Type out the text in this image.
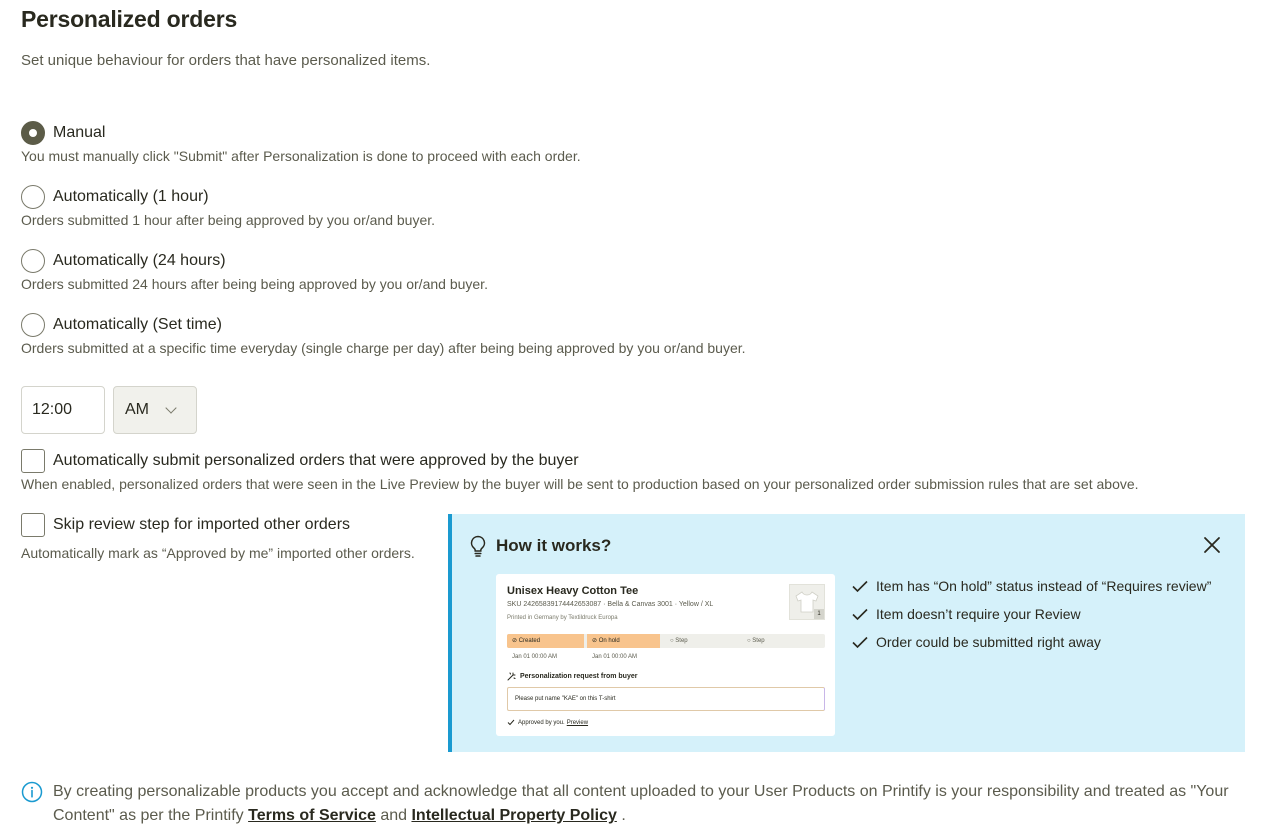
Personalized orders
Set unique behaviour for orders that have personalized items.
Manual
You must manually click "Submit" after Personalization is done to proceed with each order.
Automatically (1 hour)
Orders submitted 1 hour after being approved by you or/and buyer.
Automatically (24 hours)
Orders submitted 24 hours after being being approved by you or/and buyer.
Automatically (Set time)
Orders submitted at a specific time everyday (single charge per day) after being being approved by you or/and buyer.
12:00
AM
Automatically submit personalized orders that were approved by the buyer
When enabled, personalized orders that were seen in the Live Preview by the buyer will be sent to production based on your personalized order submission rules that are set above.
Skip review step for imported other orders
Automatically mark as “Approved by me” imported other orders.	How it works?
Unisex Heavy Cotton Tee
SKU 24265839174442653087 · Bella & Canvas 3001 · Yellow / XL
Printed in Germany by Textildruck Europa
1
⊘ Created	⊘ On hold	○ Step	○ Step
Jan 01 00:00 AM	Jan 01 00:00 AM
Personalization request from buyer
Please put name "KAE" on this T-shirt
Approved by you. Preview
Item has “On hold” status instead of “Requires review”
Item doesn’t require your Review
Order could be submitted right away
By creating personalizable products you accept and acknowledge that all content uploaded to your User Products on Printify is your responsibility and treated as "Your Content" as per the Printify Terms of Service and Intellectual Property Policy .
